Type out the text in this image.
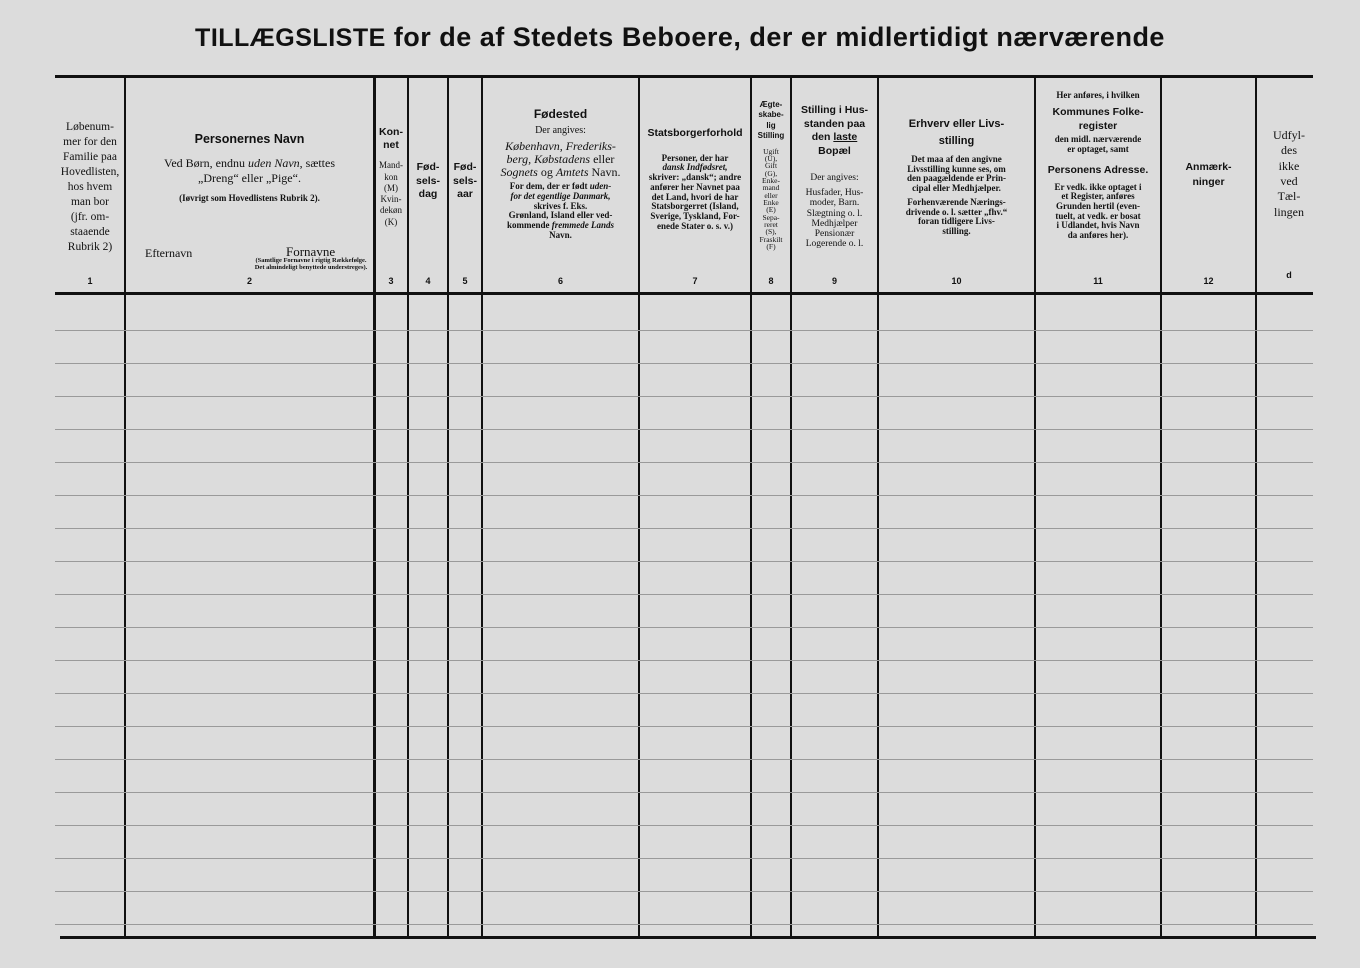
TILLÆGSLISTE for de af Stedets Beboere, der er midlertidigt nærværende
Løbenum-
mer for den
Familie paa
Hovedlisten,
hos hvem
man bor
(jfr. om-
staaende
Rubrik 2)
1
Personernes Navn
Ved Børn, endnu uden Navn, sættes
„Dreng“ eller „Pige“.
(Iøvrigt som Hovedlistens Rubrik 2).
Efternavn	Fornavne
(Samtlige Fornavne i rigtig Rækkefølge. Det almindeligt benyttede understreges).
2
Kon-
net
Mand-
kon
(M)
Kvin-
dekøn
(K)
3
Fød-
sels-
dag
4
Fød-
sels-
aar
5
Fødested
Der angives:
København, Frederiks-
berg, Købstadens eller
Sognets og Amtets Navn.
For dem, der er født uden-
for det egentlige Danmark,
skrives f. Eks.
Grønland, Island eller ved-
kommende fremmede Lands
Navn.
6
Statsborgerforhold
Personer, der har
dansk Indfødsret,
skriver: „dansk“; andre
anfører her Navnet paa
det Land, hvori de har
Statsborgerret (Island,
Sverige, Tyskland, For-
enede Stater o. s. v.)
7
Ægte-
skabe-
lig
Stilling
Ugift
(U),
Gift
(G),
Enke-
mand
eller
Enke
(E)
Sepa-
reret
(S),
Fraskilt
(F)
8
Stilling i Hus-
standen paa
den laste
Bopæl
Der angives:
Husfader, Hus-
moder, Barn.
Slægtning o. l.
Medhjælper
Pensionær
Logerende o. l.
9
Erhverv eller Livs-
stilling
Det maa af den angivne
Livsstilling kunne ses, om
den paagældende er Prin-
cipal eller Medhjælper.
Forhenværende Nærings-
drivende o. l. sætter „fhv.“
foran tidligere Livs-
stilling.
10
Her anføres, i hvilken
Kommunes Folke-
register
den midl. nærværende
er optaget, samt
Personens Adresse.
Er vedk. ikke optaget i
et Register, anføres
Grunden hertil (even-
tuelt, at vedk. er bosat
i Udlandet, hvis Navn
da anføres her).
11
Anmærk-
ninger
12
Udfyl-
des
ikke
ved
Tæl-
lingen
d
